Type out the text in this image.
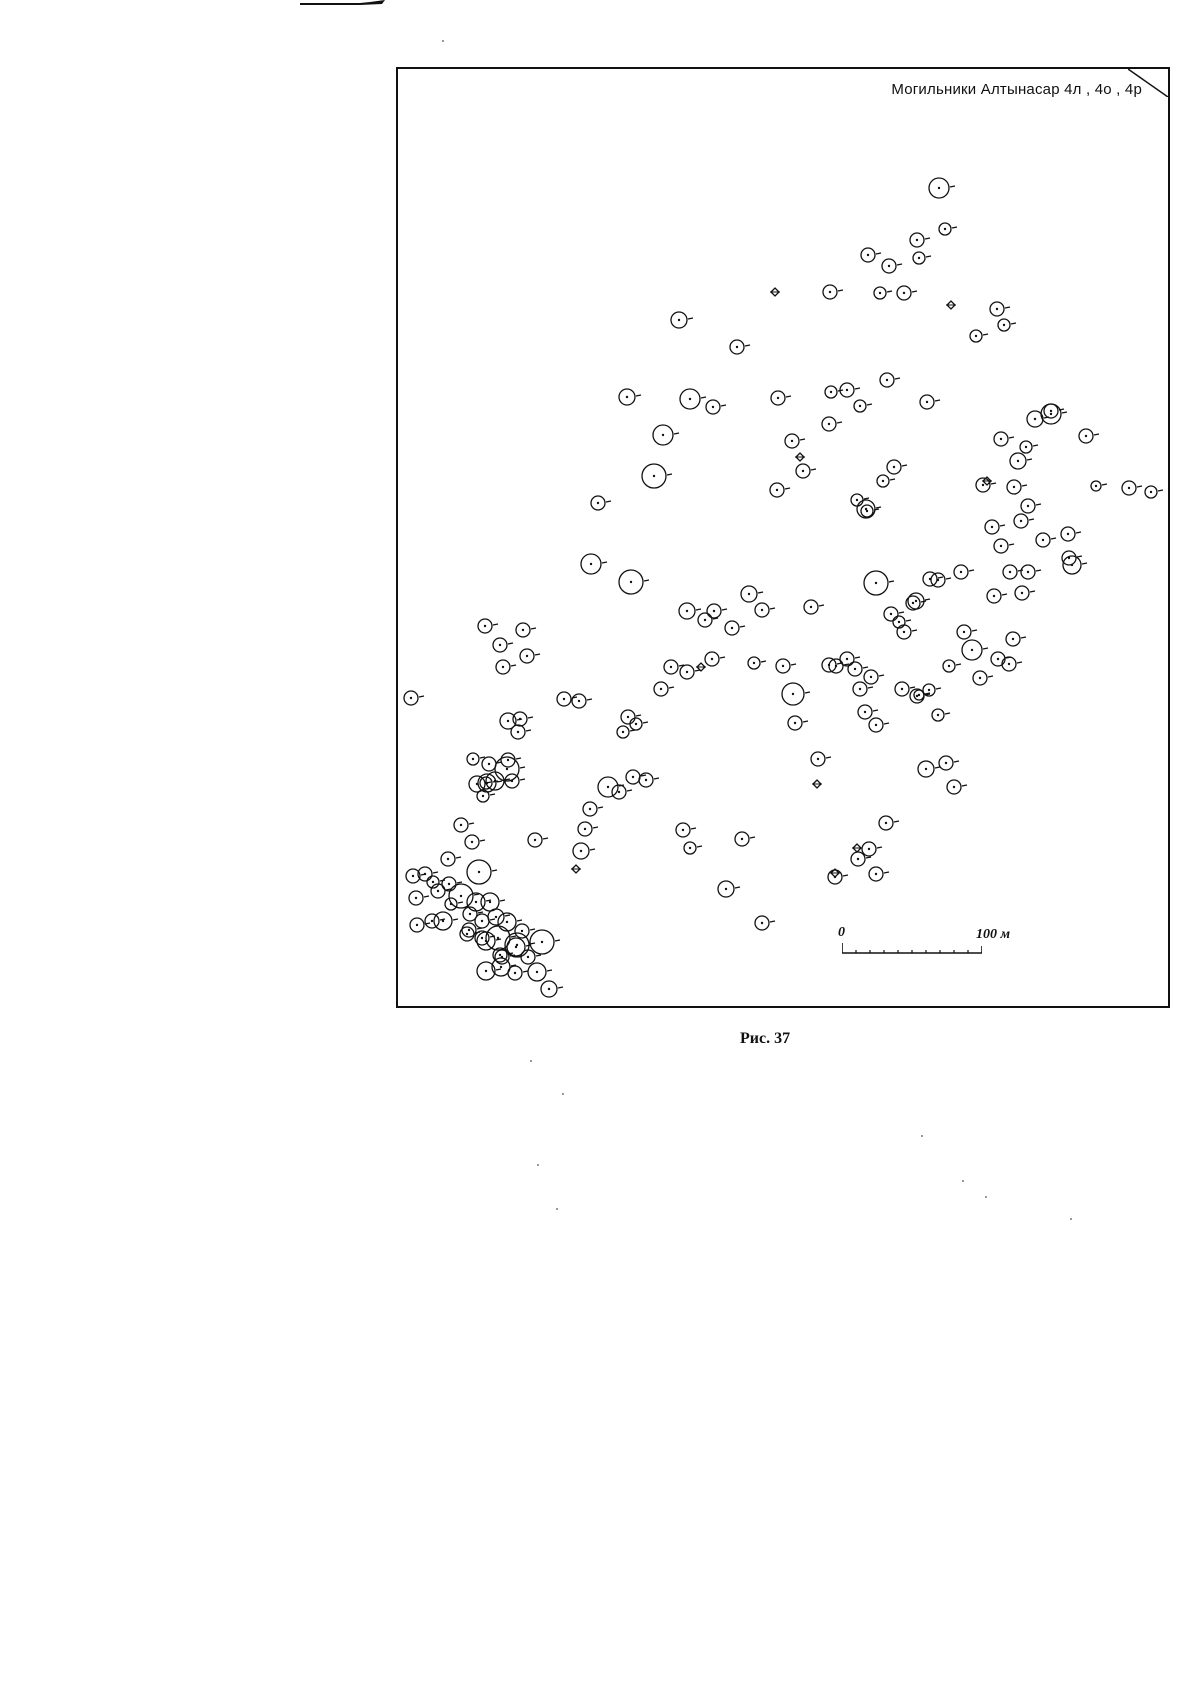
Могильники Алтынасар 4л , 4о , 4р
0	100 м
Рис. 37
